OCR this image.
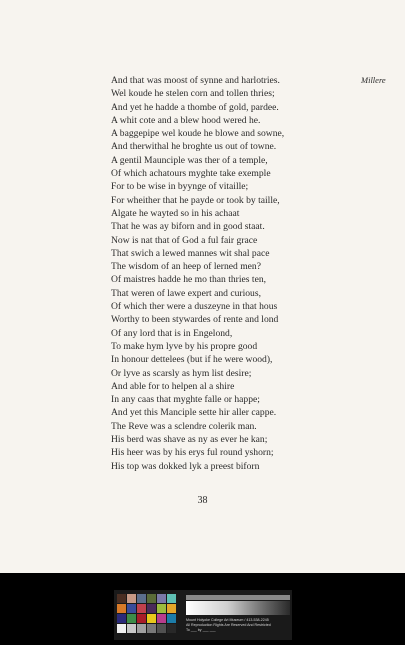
And that was moost of synne and harlotries.
Wel koude he stelen corn and tollen thries;
And yet he hadde a thombe of gold, pardee.
A whit cote and a blew hood wered he.
A baggepipe wel koude he blowe and sowne,
And therwithal he broghte us out of towne.
A gentil Maunciple was ther of a temple,
Of which achatours myghte take exemple
For to be wise in byynge of vitaille;
For wheither that he payde or took by taille,
Algate he wayted so in his achaat
That he was ay biforn and in good staat.
Now is nat that of God a ful fair grace
That swich a lewed mannes wit shal pace
The wisdom of an heep of lerned men?
Of maistres hadde he mo than thries ten,
That weren of lawe expert and curious,
Of which ther were a duszeyne in that hous
Worthy to been stywardes of rente and lond
Of any lord that is in Engelond,
To make hym lyve by his propre good
In honour dettelees (but if he were wood),
Or lyve as scarsly as hym list desire;
And able for to helpen al a shire
In any caas that myghte falle or happe;
And yet this Manciple sette hir aller cappe.
The Reve was a sclendre colerik man.
His berd was shave as ny as ever he kan;
His heer was by his erys ful round yshorn;
His top was dokked lyk a preest biforn
Millere
38
Mount Holyoke College Art Museum / 413-538-2245
All Reproduction Rights Are Reserved And Restricted
To ___ by ___ ___
